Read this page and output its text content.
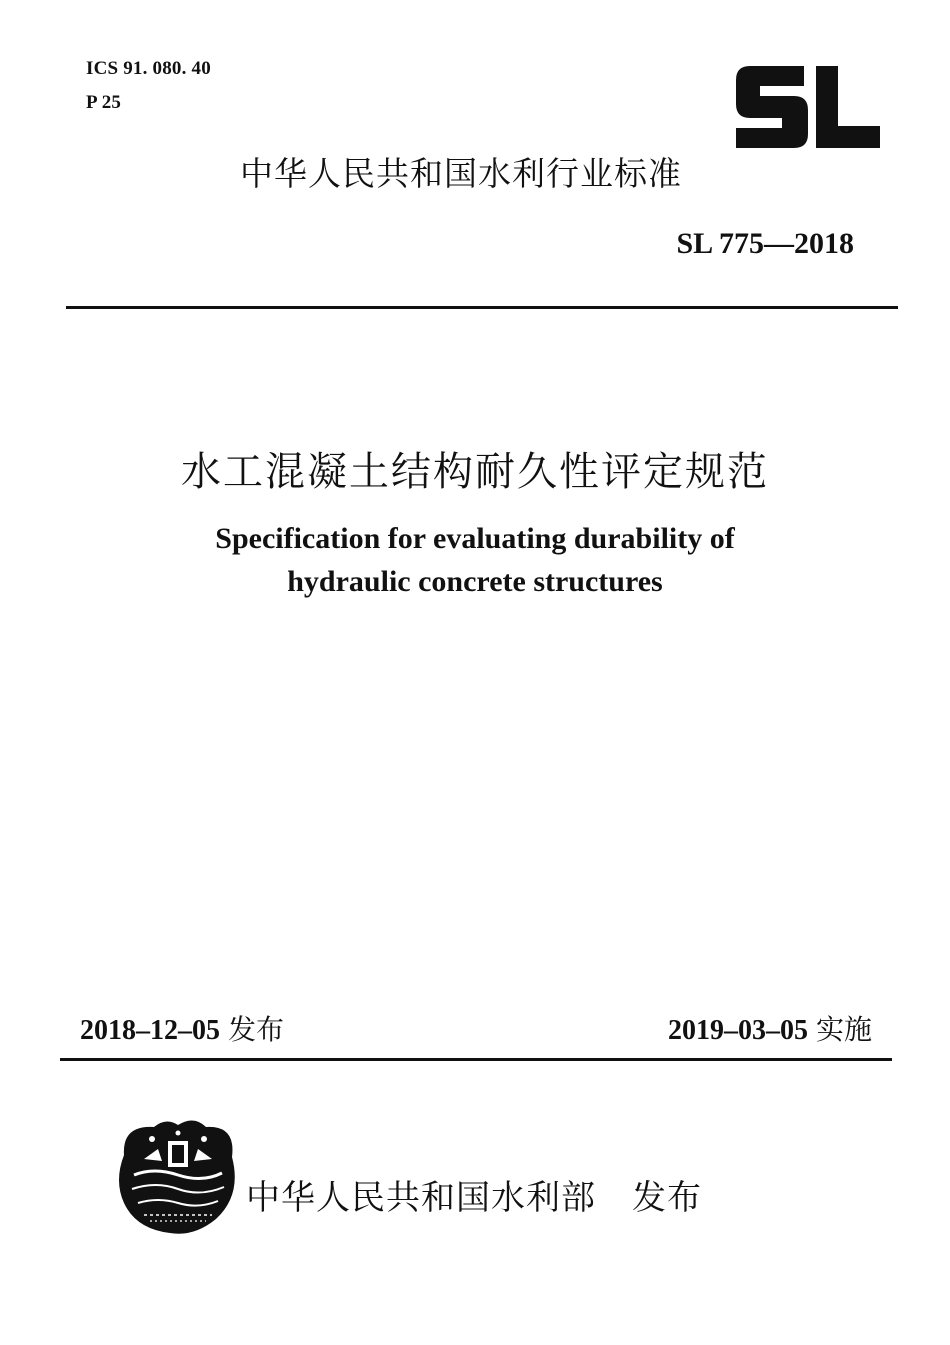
ICS 91. 080. 40
P 25
中华人民共和国水利行业标准
SL 775—2018
水工混凝土结构耐久性评定规范
Specification for evaluating durability of
hydraulic concrete structures
2018–12–05 发布	2019–03–05 实施
中华人民共和国水利部 发布
